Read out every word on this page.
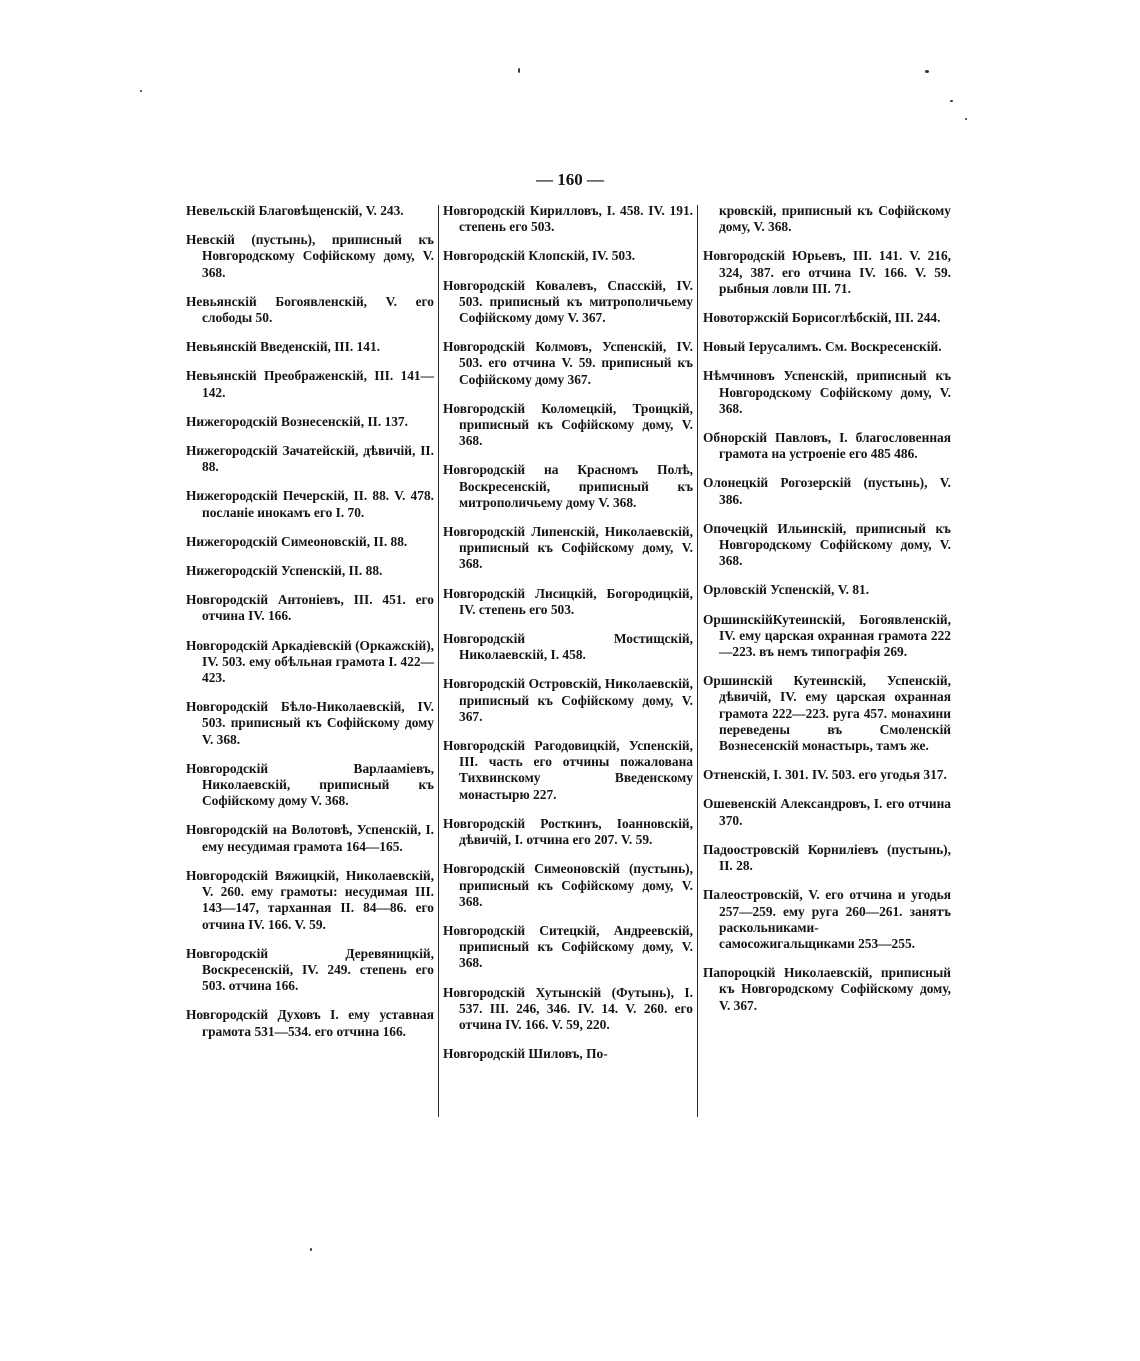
— 160 —

Невельскій Благовѣщенскій, V. 243.

Невскій (пустынь), приписный къ Новгородскому Софійскому дому, V. 368.

Невьянскій Богоявленскій, V. его слободы 50.

Невьянскій Введенскій, III. 141.

Невьянскій Преображенскій, III. 141—142.

Нижегородскій Вознесенскій, II. 137.

Нижегородскій Зачатейскій, дѣвичій, II. 88.

Нижегородскій Печерскій, II. 88. V. 478. посланіе инокамъ его I. 70.

Нижегородскій Симеоновскій, II. 88.

Нижегородскій Успенскій, II. 88.

Новгородскій Антоніевъ, III. 451. его отчина IV. 166.

Новгородскій Аркадіевскій (Оркажскій), IV. 503. ему обѣльная грамота I. 422—423.

Новгородскій Бѣло-Николаевскій, IV. 503. приписный къ Софійскому дому V. 368.

Новгородскій Варлаамiевъ, Николаевскій, приписный къ Софійскому дому V. 368.

Новгородскій на Волотовѣ, Успенскій, I. ему несудимая грамота 164—165.

Новгородскій Вяжицкій, Николаевскій, V. 260. ему грамоты: несудимая III. 143—147, тарханная II. 84—86. его отчина IV. 166. V. 59.

Новгородскій Деревяницкій, Воскресенскій, IV. 249. степень его 503. отчина 166.

Новгородскій Духовъ I. ему уставная грамота 531—534. его отчина 166.

Новгородскій Кирилловъ, I. 458. IV. 191. степень его 503.

Новгородскій Клопскій, IV. 503.

Новгородскій Ковалевъ, Спасскій, IV. 503. приписный къ митрополичьему Софійскому дому V. 367.

Новгородскій Колмовъ, Успенскій, IV. 503. его отчина V. 59. приписный къ Софійскому дому 367.

Новгородскій Коломецкій, Троицкій, приписный къ Софійскому дому, V. 368.

Новгородскій на Красномъ Полѣ, Воскресенскій, приписный къ митрополичьему дому V. 368.

Новгородскій Липенскій, Николаевскій, приписный къ Софійскому дому, V. 368.

Новгородскій Лисицкій, Богородицкій, IV. степень его 503.

Новгородскій Мостищскій, Николаевскій, I. 458.

Новгородскій Островскій, Николаевскій, приписный къ Софійскому дому, V. 367.

Новгородскій Рагодовицкій, Успенскій, III. часть его отчины пожалована Тихвинскому Введенскому монастырю 227.

Новгородскій Росткинъ, Іоанновскій, дѣвичій, I. отчина его 207. V. 59.

Новгородскій Симеоновскій (пустынь), приписный къ Софійскому дому, V. 368.

Новгородскій Ситецкій, Андреевскій, приписный къ Софійскому дому, V. 368.

Новгородскій Хутынскій (Футынь), I. 537. III. 246, 346. IV. 14. V. 260. его отчина IV. 166. V. 59, 220.

Новгородскій Шиловъ, По-

кровскій, приписный къ Софійскому дому, V. 368.

Новгородскій Юрьевъ, III. 141. V. 216, 324, 387. его отчина IV. 166. V. 59. рыбныя ловли III. 71.

Новоторжскій Борисоглѣбскій, III. 244.

Новый Іерусалимъ. См. Воскресенскій.

Нѣмчиновъ Успенскій, приписный къ Новгородскому Софійскому дому, V. 368.

Обнорскій Павловъ, I. благословенная грамота на устроеніе его 485 486.

Олонецкій Рогозерскій (пустынь), V. 386.

Опочецкій Ильинскій, приписный къ Новгородскому Софійскому дому, V. 368.

Орловскій Успенскій, V. 81.

ОршинскійКутеинскій, Богоявленскій, IV. ему царская охранная грамота 222—223. въ немъ типографія 269.

Оршинскій Кутеинскій, Успенскій, дѣвичій, IV. ему царская охранная грамота 222—223. руга 457. монахини переведены въ Смоленскій Вознесенскій монастырь, тамъ же.

Отненскій, I. 301. IV. 503. его угодья 317.

Ошевенскій Александровъ, I. его отчина 370.

Падоостровскій Корниліевъ (пустынь), II. 28.

Палеостровскій, V. его отчина и угодья 257—259. ему руга 260—261. занятъ раскольниками-самосожигальщиками 253—255.

Папороцкій Николаевскій, приписный къ Новгородскому Софійскому дому, V. 367.
